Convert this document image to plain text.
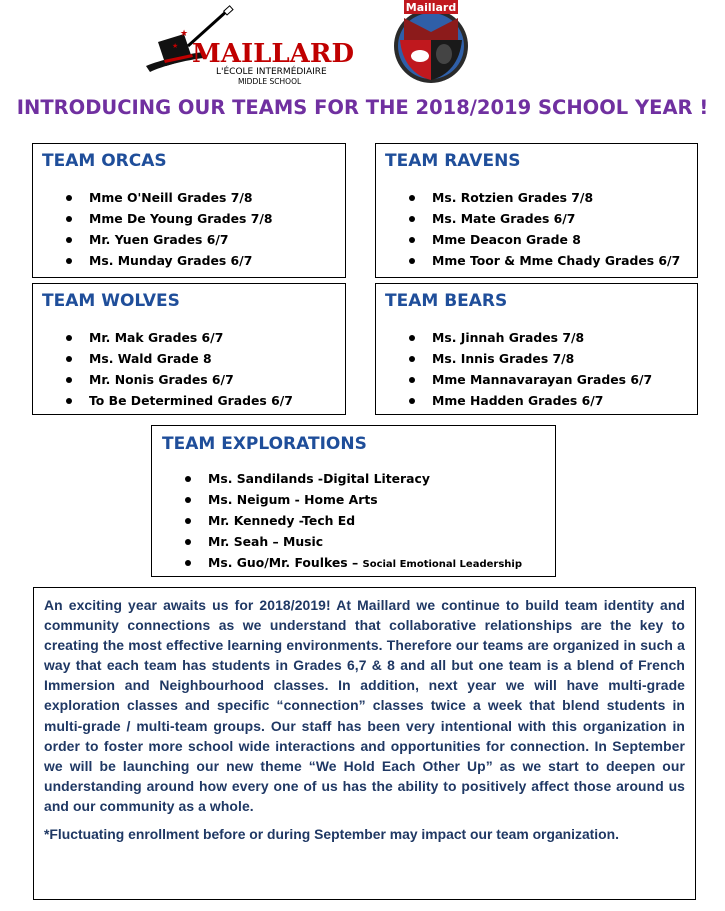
★
★ MAILLARD
L'ÉCOLE INTERMÉDIAIRE
MIDDLE SCHOOL
Maillard
INTRODUCING OUR TEAMS FOR THE 2018/2019 SCHOOL YEAR !
TEAM ORCAS
Mme O'Neill Grades 7/8
Mme De Young Grades 7/8
Mr. Yuen Grades 6/7
Ms. Munday Grades 6/7
TEAM RAVENS
Ms. Rotzien Grades 7/8
Ms. Mate Grades 6/7
Mme Deacon Grade 8
Mme Toor & Mme Chady Grades 6/7
TEAM WOLVES
Mr. Mak Grades 6/7
Ms. Wald Grade 8
Mr. Nonis Grades 6/7
To Be Determined Grades 6/7
TEAM BEARS
Ms. Jinnah Grades 7/8
Ms. Innis Grades 7/8
Mme Mannavarayan Grades 6/7
Mme Hadden Grades 6/7
TEAM EXPLORATIONS
Ms. Sandilands -Digital Literacy
Ms. Neigum - Home Arts
Mr. Kennedy -Tech Ed
Mr. Seah – Music
Ms. Guo/Mr. Foulkes – Social Emotional Leadership

An exciting year awaits us for 2018/2019! At Maillard we continue to build team identity and community connections as we understand that collaborative relationships are the key to creating the most effective learning environments. Therefore our teams are organized in such a way that each team has students in Grades 6,7 & 8 and all but one team is a blend of French Immersion and Neighbourhood classes. In addition, next year we will have multi-grade exploration classes and specific “connection” classes twice a week that blend students in multi-grade / multi-team groups. Our staff has been very intentional with this organization in order to foster more school wide interactions and opportunities for connection. In September we will be launching our new theme “We Hold Each Other Up” as we start to deepen our understanding around how every one of us has the ability to positively affect those around us and our community as a whole.

*Fluctuating enrollment before or during September may impact our team organization.
